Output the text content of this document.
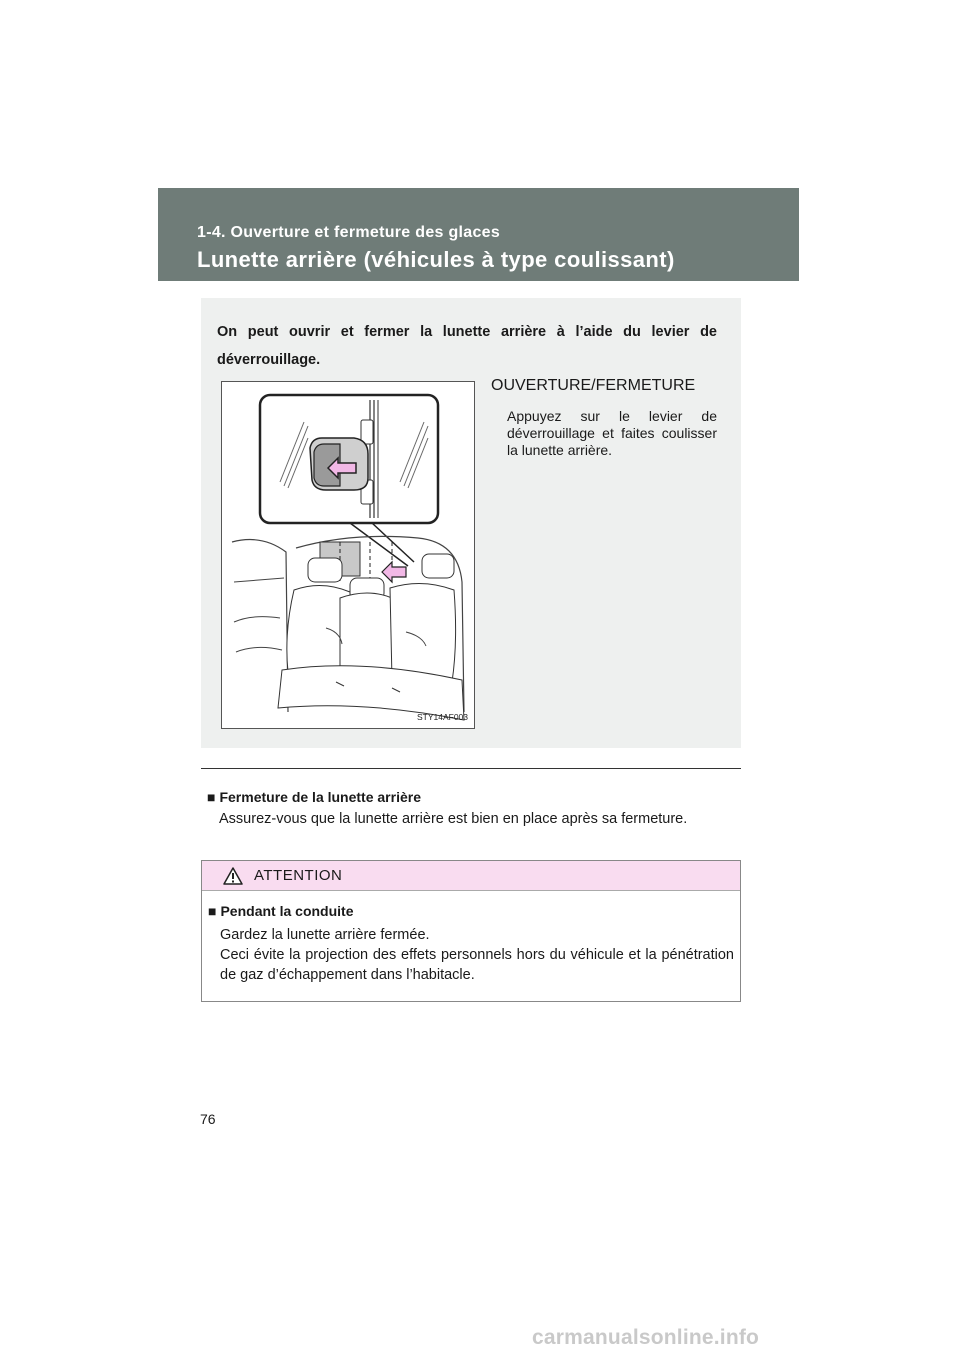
1-4. Ouverture et fermeture des glaces
Lunette arrière (véhicules à type coulissant)
On peut ouvrir et fermer la lunette arrière à l’aide du levier de déverrouillage.
STY14AF003
OUVERTURE/FERMETURE
Appuyez sur le levier de déverrouillage et faites coulisser la lunette arrière.
■ Fermeture de la lunette arrière
Assurez-vous que la lunette arrière est bien en place après sa fermeture.
ATTENTION
■ Pendant la conduite
Gardez la lunette arrière fermée.
Ceci évite la projection des effets personnels hors du véhicule et la pénétration de gaz d’échappement dans l’habitacle.
76
carmanualsonline.info
